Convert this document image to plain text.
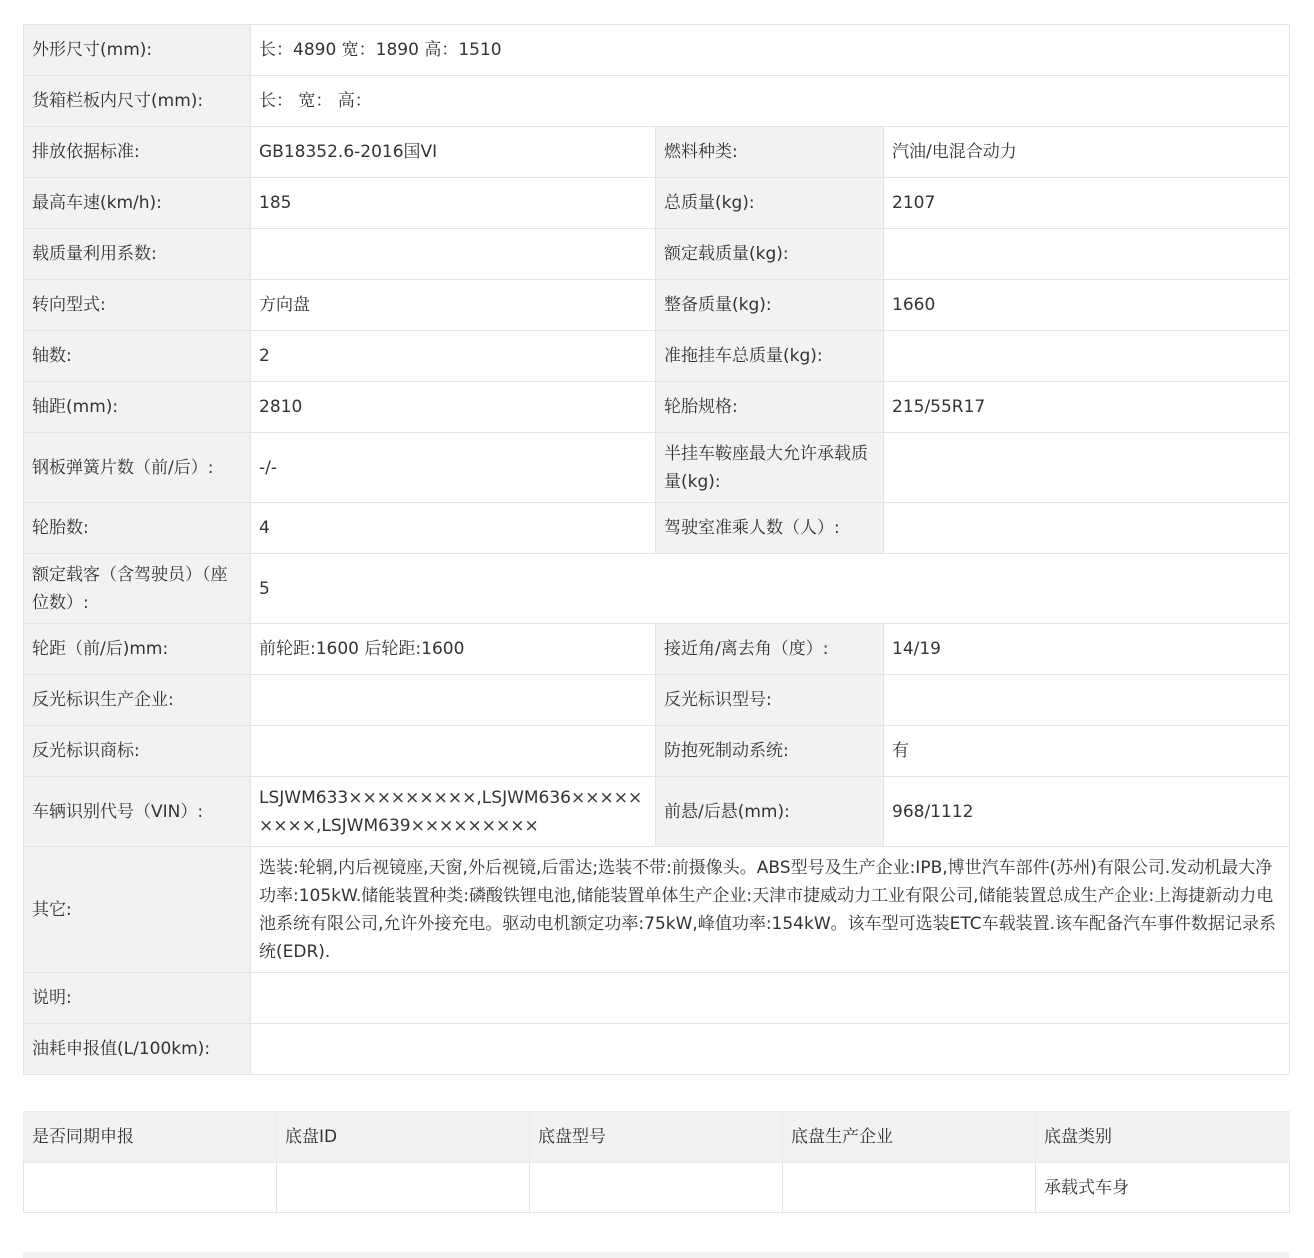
外形尺寸(mm):	长：4890 宽：1890 高：1510		
货箱栏板内尺寸(mm):	长： 宽： 高：		
排放依据标准:	GB18352.6-2016国VI	燃料种类:	汽油/电混合动力
最高车速(km/h):	185	总质量(kg):	2107
载质量利用系数:		额定载质量(kg):	
转向型式:	方向盘	整备质量(kg):	1660
轴数:	2	准拖挂车总质量(kg):	
轴距(mm):	2810	轮胎规格:	215/55R17
钢板弹簧片数（前/后）:	-/-	半挂车鞍座最大允许承载质量(kg):	
轮胎数:	4	驾驶室准乘人数（人）:	
额定载客（含驾驶员）（座位数）:	5		
轮距（前/后)mm:	前轮距:1600 后轮距:1600	接近角/离去角（度）:	14/19
反光标识生产企业:		反光标识型号:	
反光标识商标:		防抱死制动系统:	有
车辆识别代号（VIN）:	LSJWM633×××××××××,LSJWM636×××××××××,LSJWM639×××××××××	前悬/后悬(mm):	968/1112
其它:	选装:轮辋,内后视镜座,天窗,外后视镜,后雷达;选装不带:前摄像头。ABS型号及生产企业:IPB,博世汽车部件(苏州)有限公司.发动机最大净功率:105kW.储能装置种类:磷酸铁锂电池,储能装置单体生产企业:天津市捷威动力工业有限公司,储能装置总成生产企业:上海捷新动力电池系统有限公司,允许外接充电。驱动电机额定功率:75kW,峰值功率:154kW。该车型可选装ETC车载装置.该车配备汽车事件数据记录系统(EDR).		
说明:			
油耗申报值(L/100km):			
是否同期申报	底盘ID	底盘型号	底盘生产企业	底盘类别
				承载式车身
